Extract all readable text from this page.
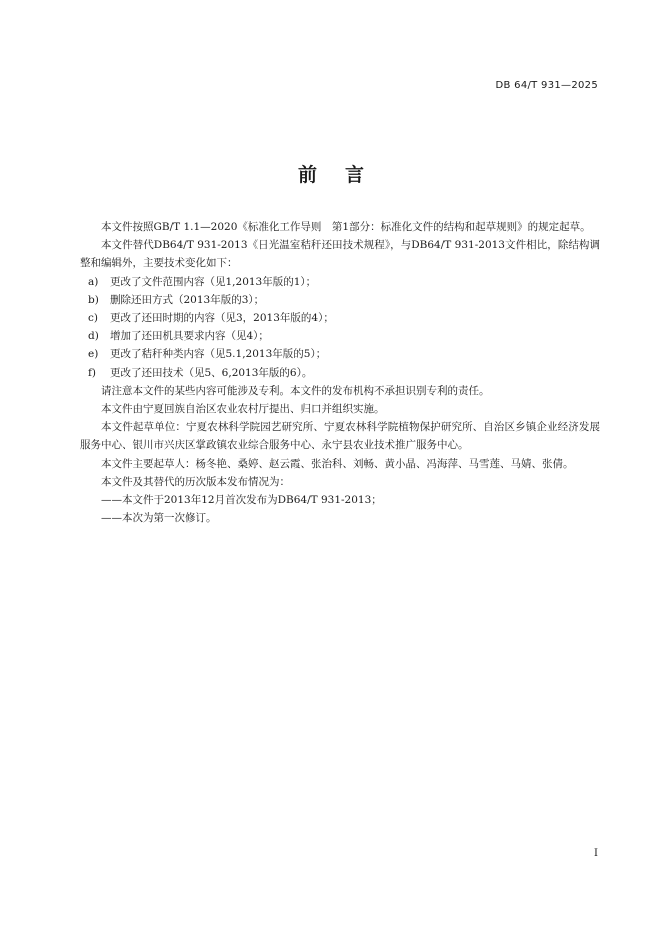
DB 64/T 931—2025
前言

本文件按照GB/T 1.1—2020《标准化工作导则　第1部分：标准化文件的结构和起草规则》的规定起草。

本文件替代DB64/T 931-2013《日光温室秸秆还田技术规程》，与DB64/T 931-2013文件相比，除结构调整和编辑外，主要技术变化如下：

a) 更改了文件范围内容（见1,2013年版的1）；

b) 删除还田方式（2013年版的3）；

c) 更改了还田时期的内容（见3，2013年版的4）；

d) 增加了还田机具要求内容（见4）；

e) 更改了秸秆种类内容（见5.1,2013年版的5）；

f) 更改了还田技术（见5、6,2013年版的6）。

请注意本文件的某些内容可能涉及专利。本文件的发布机构不承担识别专利的责任。

本文件由宁夏回族自治区农业农村厅提出、归口并组织实施。

本文件起草单位：宁夏农林科学院园艺研究所、宁夏农林科学院植物保护研究所、自治区乡镇企业经济发展服务中心、银川市兴庆区掌政镇农业综合服务中心、永宁县农业技术推广服务中心。

本文件主要起草人：杨冬艳、桑婷、赵云霞、张治科、刘畅、黄小晶、冯海萍、马雪莲、马婧、张倩。

本文件及其替代的历次版本发布情况为：

——本文件于2013年12月首次发布为DB64/T 931-2013；

——本次为第一次修订。

I
